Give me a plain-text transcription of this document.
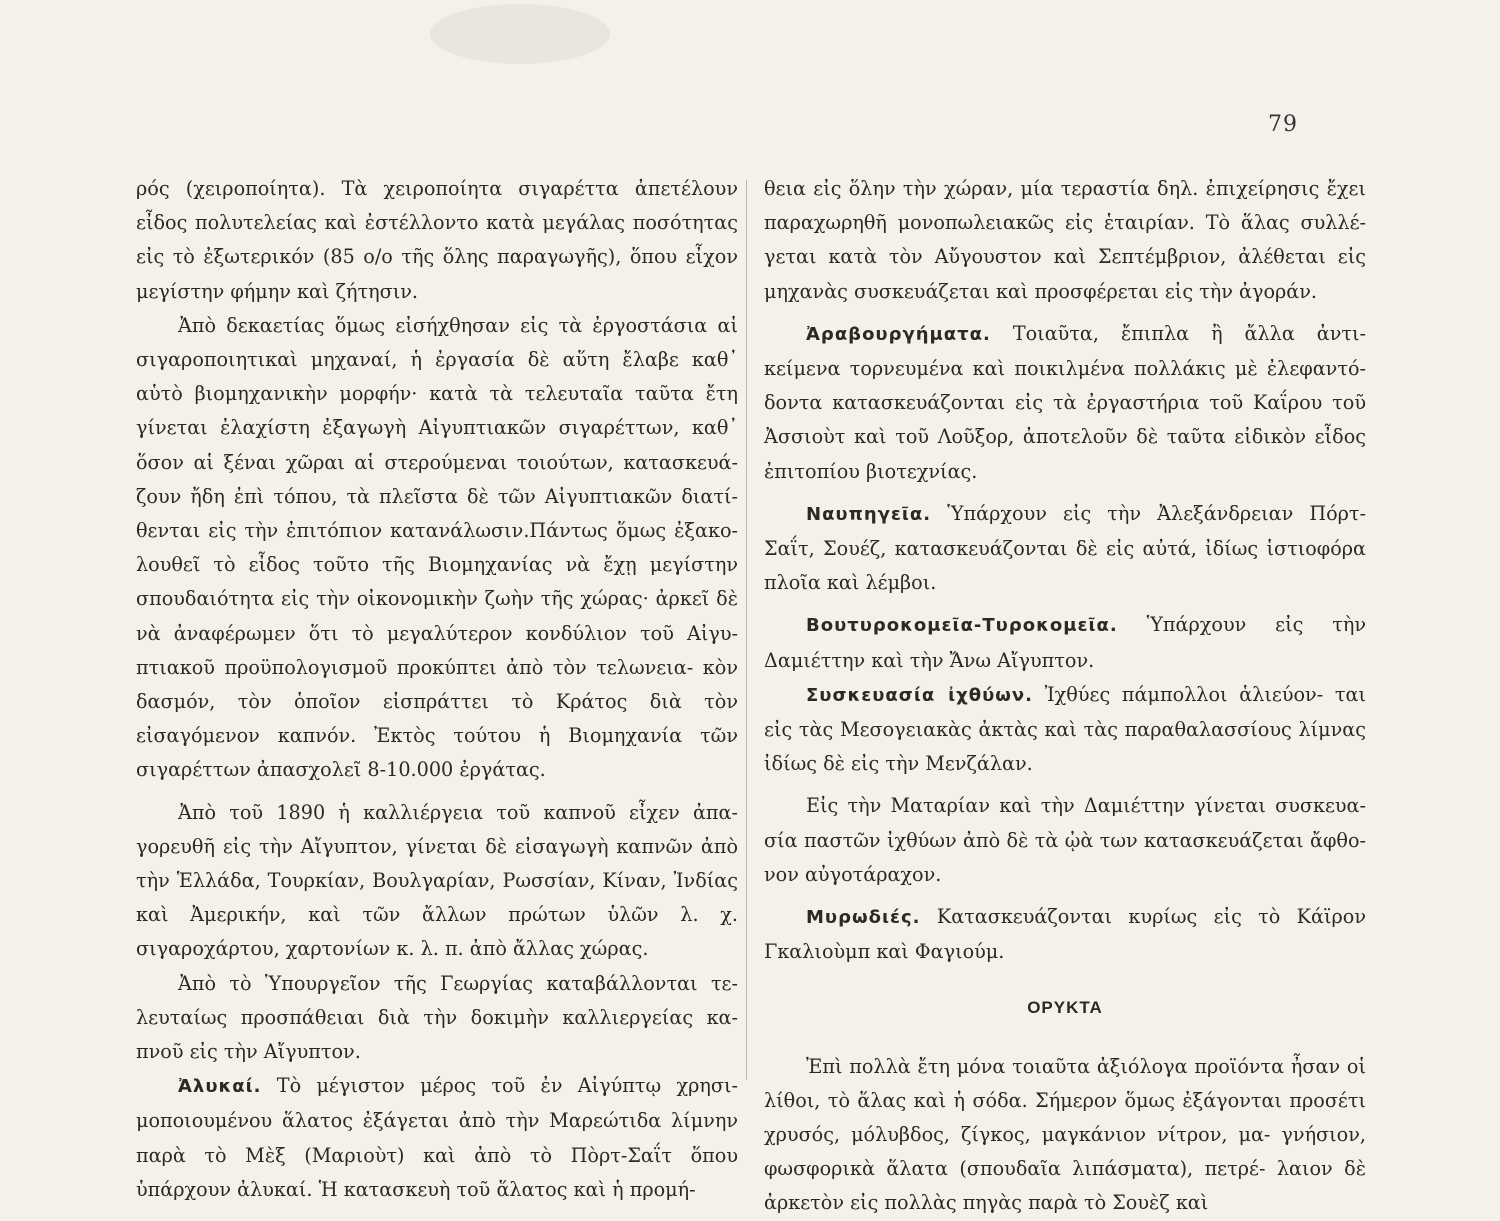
79

ρός (χειροποίητα). Τὰ χειροποίητα σιγαρέττα ἀπετέλουν εἶδος πολυτελείας καὶ ἐστέλλοντο κατὰ μεγάλας ποσότητας εἰς τὸ ἐξωτερικόν (85 ο/ο τῆς ὅλης παραγωγῆς), ὅπου εἶχον μεγίστην φήμην καὶ ζήτησιν.

Ἀπὸ δεκαετίας ὅμως εἰσήχθησαν εἰς τὰ ἐργοστάσια αἱ σιγαροποιητικαὶ μηχαναί, ἡ ἐργασία δὲ αὕτη ἔλαβε καθ᾽ αὑτὸ βιομηχανικὴν μορφήν· κατὰ τὰ τελευταῖα ταῦτα ἔτη γίνεται ἐλαχίστη ἐξαγωγὴ Αἰγυπτιακῶν σιγαρέττων, καθ᾽ ὅσον αἱ ξέναι χῶραι αἱ στερούμεναι τοιούτων, κατασκευά- ζουν ἤδη ἐπὶ τόπου, τὰ πλεῖστα δὲ τῶν Αἰγυπτιακῶν διατί- θενται εἰς τὴν ἐπιτόπιον κατανάλωσιν.Πάντως ὅμως ἐξακο- λουθεῖ τὸ εἶδος τοῦτο τῆς Βιομηχανίας νὰ ἔχῃ μεγίστην σπουδαιότητα εἰς τὴν οἰκονομικὴν ζωὴν τῆς χώρας· ἀρκεῖ δὲ νὰ ἀναφέρωμεν ὅτι τὸ μεγαλύτερον κονδύλιον τοῦ Αἰγυ- πτιακοῦ προϋπολογισμοῦ προκύπτει ἀπὸ τὸν τελωνεια- κὸν δασμόν, τὸν ὁποῖον εἰσπράττει τὸ Κράτος διὰ τὸν εἰσαγόμενον καπνόν. Ἐκτὸς τούτου ἡ Βιομηχανία τῶν σιγαρέττων ἀπασχολεῖ 8-10.000 ἐργάτας.

Ἀπὸ τοῦ 1890 ἡ καλλιέργεια τοῦ καπνοῦ εἶχεν ἀπα- γορευθῆ εἰς τὴν Αἴγυπτον, γίνεται δὲ εἰσαγωγὴ καπνῶν ἀπὸ τὴν Ἑλλάδα, Τουρκίαν, Βουλγαρίαν, Ρωσσίαν, Κίναν, Ἰνδίας καὶ Ἀμερικήν, καὶ τῶν ἄλλων πρώτων ὑλῶν λ. χ. σιγαροχάρτου, χαρτονίων κ. λ. π. ἀπὸ ἄλλας χώρας.

Ἀπὸ τὸ Ὑπουργεῖον τῆς Γεωργίας καταβάλλονται τε- λευταίως προσπάθειαι διὰ τὴν δοκιμὴν καλλιεργείας κα- πνοῦ εἰς τὴν Αἴγυπτον.

Ἀλυκαί. Τὸ μέγιστον μέρος τοῦ ἐν Αἰγύπτῳ χρησι- μοποιουμένου ἅλατος ἐξάγεται ἀπὸ τὴν Μαρεώτιδα λίμνην παρὰ τὸ Μὲξ (Μαριοὺτ) καὶ ἀπὸ τὸ Πὸρτ-Σαΐτ ὅπου ὑπάρχουν ἀλυκαί. Ἡ κατασκευὴ τοῦ ἅλατος καὶ ἡ προμή-

θεια εἰς ὅλην τὴν χώραν, μία τεραστία δηλ. ἐπιχείρησις ἔχει παραχωρηθῆ μονοπωλειακῶς εἰς ἑταιρίαν. Τὸ ἅλας συλλέ- γεται κατὰ τὸν Αὔγουστον καὶ Σεπτέμβριον, ἀλέθεται εἰς μηχανὰς συσκευάζεται καὶ προσφέρεται εἰς τὴν ἀγοράν.

Ἀραβουργήματα. Τοιαῦτα, ἔπιπλα ἢ ἄλλα ἀντι- κείμενα τορνευμένα καὶ ποικιλμένα πολλάκις μὲ ἐλεφαντό- δοντα κατασκευάζονται εἰς τὰ ἐργαστήρια τοῦ Καΐρου τοῦ Ἀσσιοὺτ καὶ τοῦ Λοῦξορ, ἀποτελοῦν δὲ ταῦτα εἰδικὸν εἶδος ἐπιτοπίου βιοτεχνίας.

Ναυπηγεῖα. Ὑπάρχουν εἰς τὴν Ἀλεξάνδρειαν Πόρτ- Σαΐτ, Σουέζ, κατασκευάζονται δὲ εἰς αὐτά, ἰδίως ἱστιοφόρα πλοῖα καὶ λέμβοι.

Βουτυροκομεῖα-Τυροκομεῖα. Ὑπάρχουν εἰς τὴν Δαμιέττην καὶ τὴν Ἄνω Αἴγυπτον.

Συσκευασία ἰχθύων. Ἰχθύες πάμπολλοι ἁλιεύον- ται εἰς τὰς Μεσογειακὰς ἀκτὰς καὶ τὰς παραθαλασσίους λίμνας ἰδίως δὲ εἰς τὴν Μενζάλαν.

Εἰς τὴν Ματαρίαν καὶ τὴν Δαμιέττην γίνεται συσκευα- σία παστῶν ἰχθύων ἀπὸ δὲ τὰ ᾠὰ των κατασκευάζεται ἄφθο- νον αὐγοτάραχον.

Μυρωδιές. Κατασκευάζονται κυρίως εἰς τὸ Κάϊρον Γκαλιοὺμπ καὶ Φαγιούμ.

ΟΡΥΚΤΑ

Ἐπὶ πολλὰ ἔτη μόνα τοιαῦτα ἀξιόλογα προϊόντα ἦσαν οἱ λίθοι, τὸ ἅλας καὶ ἡ σόδα. Σήμερον ὅμως ἐξάγονται προσέτι χρυσός, μόλυβδος, ζίγκος, μαγκάνιον νίτρον, μα- γνήσιον, φωσφορικὰ ἅλατα (σπουδαῖα λιπάσματα), πετρέ- λαιον δὲ ἀρκετὸν εἰς πολλὰς πηγὰς παρὰ τὸ Σουὲζ καὶ
